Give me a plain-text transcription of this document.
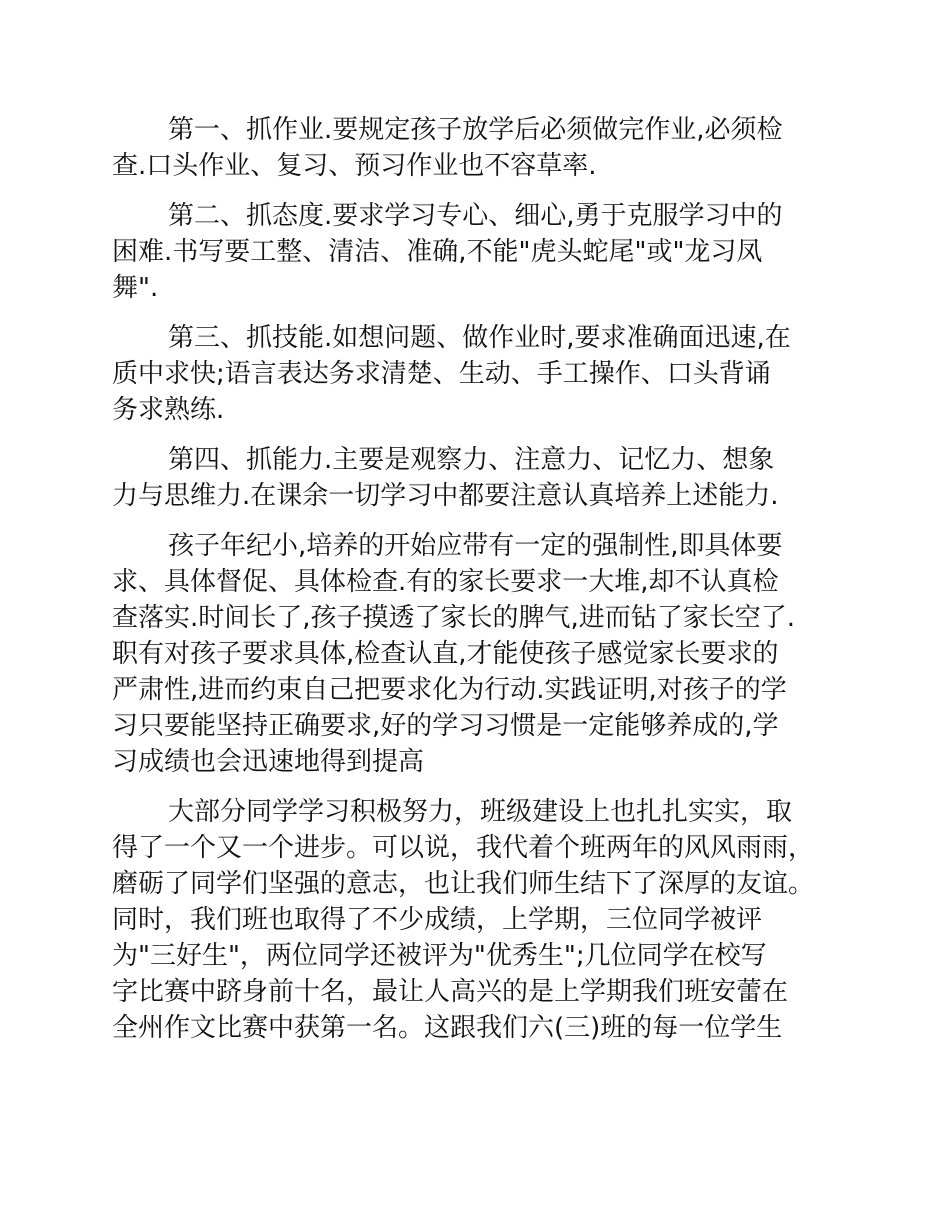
第一、抓作业.要规定孩子放学后必须做完作业,必须检
查.口头作业、复习、预习作业也不容草率.

第二、抓态度.要求学习专心、细心,勇于克服学习中的
困难.书写要工整、清洁、准确,不能"虎头蛇尾"或"龙习凤
舞".

第三、抓技能.如想问题、做作业时,要求准确面迅速,在
质中求快;语言表达务求清楚、生动、手工操作、口头背诵
务求熟练.

第四、抓能力.主要是观察力、注意力、记忆力、想象
力与思维力.在课余一切学习中都要注意认真培养上述能力.

孩子年纪小,培养的开始应带有一定的强制性,即具体要
求、具体督促、具体检查.有的家长要求一大堆,却不认真检
查落实.时间长了,孩子摸透了家长的脾气,进而钻了家长空了.
职有对孩子要求具体,检查认直,才能使孩子感觉家长要求的
严肃性,进而约束自己把要求化为行动.实践证明,对孩子的学
习只要能坚持正确要求,好的学习习惯是一定能够养成的,学
习成绩也会迅速地得到提高

大部分同学学习积极努力，班级建设上也扎扎实实，取
得了一个又一个进步。可以说，我代着个班两年的风风雨雨，
磨砺了同学们坚强的意志，也让我们师生结下了深厚的友谊。
同时，我们班也取得了不少成绩，上学期，三位同学被评
为"三好生"，两位同学还被评为"优秀生";几位同学在校写
字比赛中跻身前十名，最让人高兴的是上学期我们班安蕾在
全州作文比赛中获第一名。这跟我们六(三)班的每一位学生
